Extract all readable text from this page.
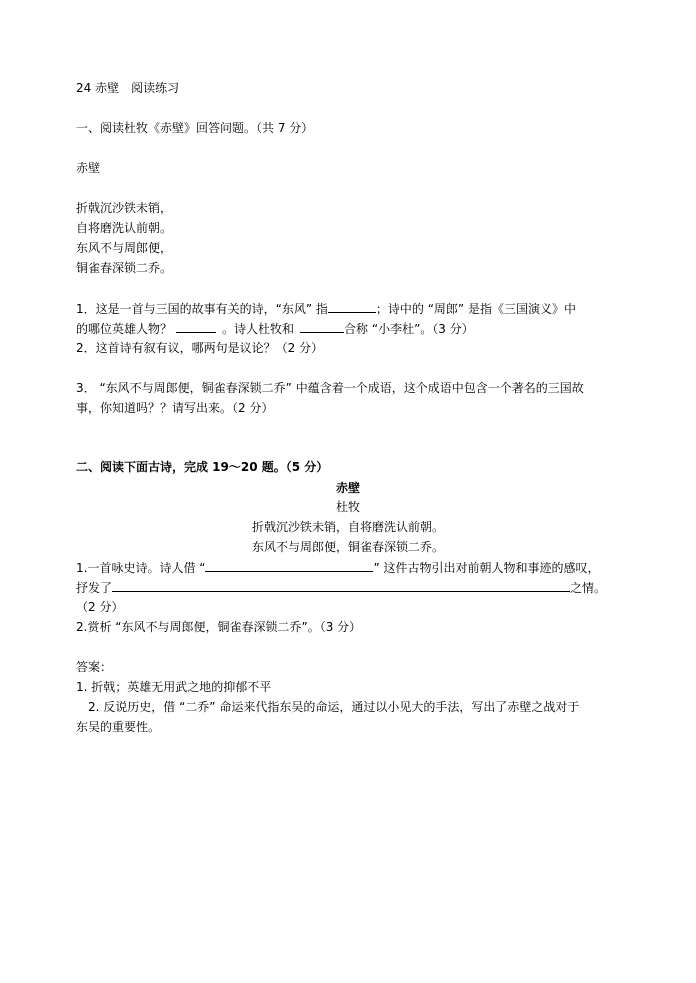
24 赤壁　阅读练习
一、阅读杜牧《赤壁》回答问题。（共 7 分）
赤壁
折戟沉沙铁未销，
自将磨洗认前朝。
东风不与周郎便，
铜雀春深锁二乔。
1．这是一首与三国的故事有关的诗，“东风” 指	；诗中的 “周郎” 是指《三国演义》中
的哪位英雄人物？	。诗人杜牧和	合称 “小李杜”。（3 分）
2．这首诗有叙有议，哪两句是议论？（2 分）
3． “东风不与周郎便，铜雀春深锁二乔” 中蕴含着一个成语，这个成语中包含一个著名的三国故
事，你知道吗？？请写出来。（2 分）
二、阅读下面古诗，完成 19～20 题。（5 分）
赤壁
杜牧
折戟沉沙铁未销，自将磨洗认前朝。
东风不与周郎便，铜雀春深锁二乔。
1.一首咏史诗。诗人借 “	” 这件古物引出对前朝人物和事迹的感叹，
抒发了	之情。
（2 分）
2.赏析 “东风不与周郎便，铜雀春深锁二乔”。（3 分）
答案：
1. 折戟；英雄无用武之地的抑郁不平
2. 反说历史，借 “二乔” 命运来代指东吴的命运，通过以小见大的手法，写出了赤壁之战对于
东吴的重要性。
